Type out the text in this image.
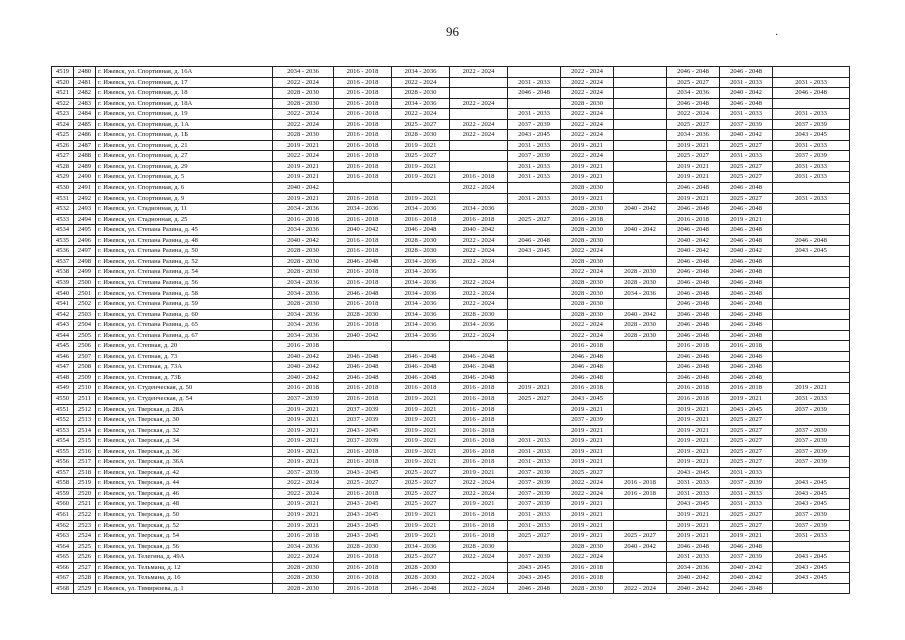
96	·
4519	2480	г. Ижевск, ул. Спортивная, д. 16А	2034 - 2036	2016 - 2018	2034 - 2036	2022 - 2024		2022 - 2024		2046 - 2048	2046 - 2048	
4520	2481	г. Ижевск, ул. Спортивная, д. 17	2022 - 2024	2016 - 2018	2022 - 2024		2031 - 2033	2022 - 2024		2025 - 2027	2031 - 2033	2031 - 2033
4521	2482	г. Ижевск, ул. Спортивная, д. 18	2028 - 2030	2016 - 2018	2028 - 2030		2046 - 2048	2022 - 2024		2034 - 2036	2040 - 2042	2046 - 2048
4522	2483	г. Ижевск, ул. Спортивная, д. 18А	2028 - 2030	2016 - 2018	2034 - 2036	2022 - 2024		2028 - 2030		2046 - 2048	2046 - 2048	
4523	2484	г. Ижевск, ул. Спортивная, д. 19	2022 - 2024	2016 - 2018	2022 - 2024		2031 - 2033	2022 - 2024		2022 - 2024	2031 - 2033	2031 - 2033
4524	2485	г. Ижевск, ул. Спортивная, д. 1А	2022 - 2024	2016 - 2018	2025 - 2027	2022 - 2024	2037 - 2039	2022 - 2024		2025 - 2027	2037 - 2039	2037 - 2039
4525	2486	г. Ижевск, ул. Спортивная, д. 1Б	2028 - 2030	2016 - 2018	2028 - 2030	2022 - 2024	2043 - 2045	2022 - 2024		2034 - 2036	2040 - 2042	2043 - 2045
4526	2487	г. Ижевск, ул. Спортивная, д. 21	2019 - 2021	2016 - 2018	2019 - 2021		2031 - 2033	2019 - 2021		2019 - 2021	2025 - 2027	2031 - 2033
4527	2488	г. Ижевск, ул. Спортивная, д. 27	2022 - 2024	2016 - 2018	2025 - 2027		2037 - 2039	2022 - 2024		2025 - 2027	2031 - 2033	2037 - 2039
4528	2489	г. Ижевск, ул. Спортивная, д. 29	2019 - 2021	2016 - 2018	2019 - 2021		2031 - 2033	2019 - 2021		2019 - 2021	2025 - 2027	2031 - 2033
4529	2490	г. Ижевск, ул. Спортивная, д. 5	2019 - 2021	2016 - 2018	2019 - 2021	2016 - 2018	2031 - 2033	2019 - 2021		2019 - 2021	2025 - 2027	2031 - 2033
4530	2491	г. Ижевск, ул. Спортивная, д. 6	2040 - 2042			2022 - 2024		2028 - 2030		2046 - 2048	2046 - 2048	
4531	2492	г. Ижевск, ул. Спортивная, д. 9	2019 - 2021	2016 - 2018	2019 - 2021		2031 - 2033	2019 - 2021		2019 - 2021	2025 - 2027	2031 - 2033
4532	2493	г. Ижевск, ул. Стадионная, д. 11	2034 - 2036	2034 - 2036	2034 - 2036	2034 - 2036		2028 - 2030	2040 - 2042	2046 - 2048	2046 - 2048	
4533	2494	г. Ижевск, ул. Стадионная, д. 25	2016 - 2018	2016 - 2018	2016 - 2018	2016 - 2018	2025 - 2027	2016 - 2018		2016 - 2018	2019 - 2021	
4534	2495	г. Ижевск, ул. Степана Разина, д. 45	2034 - 2036	2040 - 2042	2046 - 2048	2040 - 2042		2028 - 2030	2040 - 2042	2046 - 2048	2046 - 2048	
4535	2496	г. Ижевск, ул. Степана Разина, д. 48	2040 - 2042	2016 - 2018	2028 - 2030	2022 - 2024	2046 - 2048	2028 - 2030		2040 - 2042	2046 - 2048	2046 - 2048
4536	2497	г. Ижевск, ул. Степана Разина, д. 50	2028 - 2030	2016 - 2018	2028 - 2030	2022 - 2024	2043 - 2045	2022 - 2024		2040 - 2042	2040 - 2042	2043 - 2045
4537	2498	г. Ижевск, ул. Степана Разина, д. 52	2028 - 2030	2046 - 2048	2034 - 2036	2022 - 2024		2028 - 2030		2046 - 2048	2046 - 2048	
4538	2499	г. Ижевск, ул. Степана Разина, д. 54	2028 - 2030	2016 - 2018	2034 - 2036			2022 - 2024	2028 - 2030	2046 - 2048	2046 - 2048	
4539	2500	г. Ижевск, ул. Степана Разина, д. 56	2034 - 2036	2016 - 2018	2034 - 2036	2022 - 2024		2028 - 2030	2028 - 2030	2046 - 2048	2046 - 2048	
4540	2501	г. Ижевск, ул. Степана Разина, д. 58	2034 - 2036	2046 - 2048	2034 - 2036	2022 - 2024		2028 - 2030	2034 - 2036	2046 - 2048	2046 - 2048	
4541	2502	г. Ижевск, ул. Степана Разина, д. 59	2028 - 2030	2016 - 2018	2034 - 2036	2022 - 2024		2028 - 2030		2046 - 2048	2046 - 2048	
4542	2503	г. Ижевск, ул. Степана Разина, д. 60	2034 - 2036	2028 - 2030	2034 - 2036	2028 - 2030		2028 - 2030	2040 - 2042	2046 - 2048	2046 - 2048	
4543	2504	г. Ижевск, ул. Степана Разина, д. 65	2034 - 2036	2016 - 2018	2034 - 2036	2034 - 2036		2022 - 2024	2028 - 2030	2046 - 2048	2046 - 2048	
4544	2505	г. Ижевск, ул. Степана Разина, д. 67	2034 - 2036	2040 - 2042	2034 - 2036	2022 - 2024		2022 - 2024	2028 - 2030	2046 - 2048	2046 - 2048	
4545	2506	г. Ижевск, ул. Степная, д. 20	2016 - 2018					2016 - 2018		2016 - 2018	2016 - 2018	
4546	2507	г. Ижевск, ул. Степная, д. 73	2040 - 2042	2046 - 2048	2046 - 2048	2046 - 2048		2046 - 2048		2046 - 2048	2046 - 2048	
4547	2508	г. Ижевск, ул. Степная, д. 73А	2040 - 2042	2046 - 2048	2046 - 2048	2046 - 2048		2046 - 2048		2046 - 2048	2046 - 2048	
4548	2509	г. Ижевск, ул. Степная, д. 73Б	2040 - 2042	2046 - 2048	2046 - 2048	2046 - 2048		2046 - 2048		2046 - 2048	2046 - 2048	
4549	2510	г. Ижевск, ул. Студенческая, д. 50	2016 - 2018	2016 - 2018	2016 - 2018	2016 - 2018	2019 - 2021	2016 - 2018		2016 - 2018	2016 - 2018	2019 - 2021
4550	2511	г. Ижевск, ул. Студенческая, д. 54	2037 - 2039	2016 - 2018	2019 - 2021	2016 - 2018	2025 - 2027	2043 - 2045		2016 - 2018	2019 - 2021	2031 - 2033
4551	2512	г. Ижевск, ул. Тверская, д. 28А	2019 - 2021	2037 - 2039	2019 - 2021	2016 - 2018		2019 - 2021		2019 - 2021	2043 - 2045	2037 - 2039
4552	2513	г. Ижевск, ул. Тверская, д. 30	2019 - 2021	2037 - 2039	2019 - 2021	2016 - 2018		2037 - 2039		2019 - 2021	2025 - 2027	
4553	2514	г. Ижевск, ул. Тверская, д. 32	2019 - 2021	2043 - 2045	2019 - 2021	2016 - 2018		2019 - 2021		2019 - 2021	2025 - 2027	2037 - 2039
4554	2515	г. Ижевск, ул. Тверская, д. 34	2019 - 2021	2037 - 2039	2019 - 2021	2016 - 2018	2031 - 2033	2019 - 2021		2019 - 2021	2025 - 2027	2037 - 2039
4555	2516	г. Ижевск, ул. Тверская, д. 36	2019 - 2021	2016 - 2018	2019 - 2021	2016 - 2018	2031 - 2033	2019 - 2021		2019 - 2021	2025 - 2027	2037 - 2039
4556	2517	г. Ижевск, ул. Тверская, д. 36А	2019 - 2021	2016 - 2018	2019 - 2021	2016 - 2018	2031 - 2033	2019 - 2021		2019 - 2021	2025 - 2027	2037 - 2039
4557	2518	г. Ижевск, ул. Тверская, д. 42	2037 - 2039	2043 - 2045	2025 - 2027	2019 - 2021	2037 - 2039	2025 - 2027		2043 - 2045	2031 - 2033	
4558	2519	г. Ижевск, ул. Тверская, д. 44	2022 - 2024	2025 - 2027	2025 - 2027	2022 - 2024	2037 - 2039	2022 - 2024	2016 - 2018	2031 - 2033	2037 - 2039	2043 - 2045
4559	2520	г. Ижевск, ул. Тверская, д. 46	2022 - 2024	2016 - 2018	2025 - 2027	2022 - 2024	2037 - 2039	2022 - 2024	2016 - 2018	2031 - 2033	2031 - 2033	2043 - 2045
4560	2521	г. Ижевск, ул. Тверская, д. 48	2019 - 2021	2043 - 2045	2025 - 2027	2019 - 2021	2037 - 2039	2019 - 2021		2043 - 2045	2031 - 2033	2043 - 2045
4561	2522	г. Ижевск, ул. Тверская, д. 50	2019 - 2021	2043 - 2045	2019 - 2021	2016 - 2018	2031 - 2033	2019 - 2021		2019 - 2021	2025 - 2027	2037 - 2039
4562	2523	г. Ижевск, ул. Тверская, д. 52	2019 - 2021	2043 - 2045	2019 - 2021	2016 - 2018	2031 - 2033	2019 - 2021		2019 - 2021	2025 - 2027	2037 - 2039
4563	2524	г. Ижевск, ул. Тверская, д. 54	2016 - 2018	2043 - 2045	2019 - 2021	2016 - 2018	2025 - 2027	2019 - 2021	2025 - 2027	2019 - 2021	2019 - 2021	2031 - 2033
4564	2525	г. Ижевск, ул. Тверская, д. 56	2034 - 2036	2028 - 2030	2034 - 2036	2028 - 2030		2028 - 2030	2040 - 2042	2046 - 2048	2046 - 2048	
4565	2526	г. Ижевск, ул. Телегина, д. 49А	2022 - 2024	2016 - 2018	2025 - 2027	2022 - 2024	2037 - 2039	2022 - 2024		2031 - 2033	2037 - 2039	2043 - 2045
4566	2527	г. Ижевск, ул. Тельмана, д. 12	2028 - 2030	2016 - 2018	2028 - 2030		2043 - 2045	2016 - 2018		2034 - 2036	2040 - 2042	2043 - 2045
4567	2528	г. Ижевск, ул. Тельмана, д. 16	2028 - 2030	2016 - 2018	2028 - 2030	2022 - 2024	2043 - 2045	2016 - 2018		2040 - 2042	2040 - 2042	2043 - 2045
4568	2529	г. Ижевск, ул. Тимирязева, д. 1	2028 - 2030	2016 - 2018	2046 - 2048	2022 - 2024	2046 - 2048	2028 - 2030	2022 - 2024	2040 - 2042	2046 - 2048	
